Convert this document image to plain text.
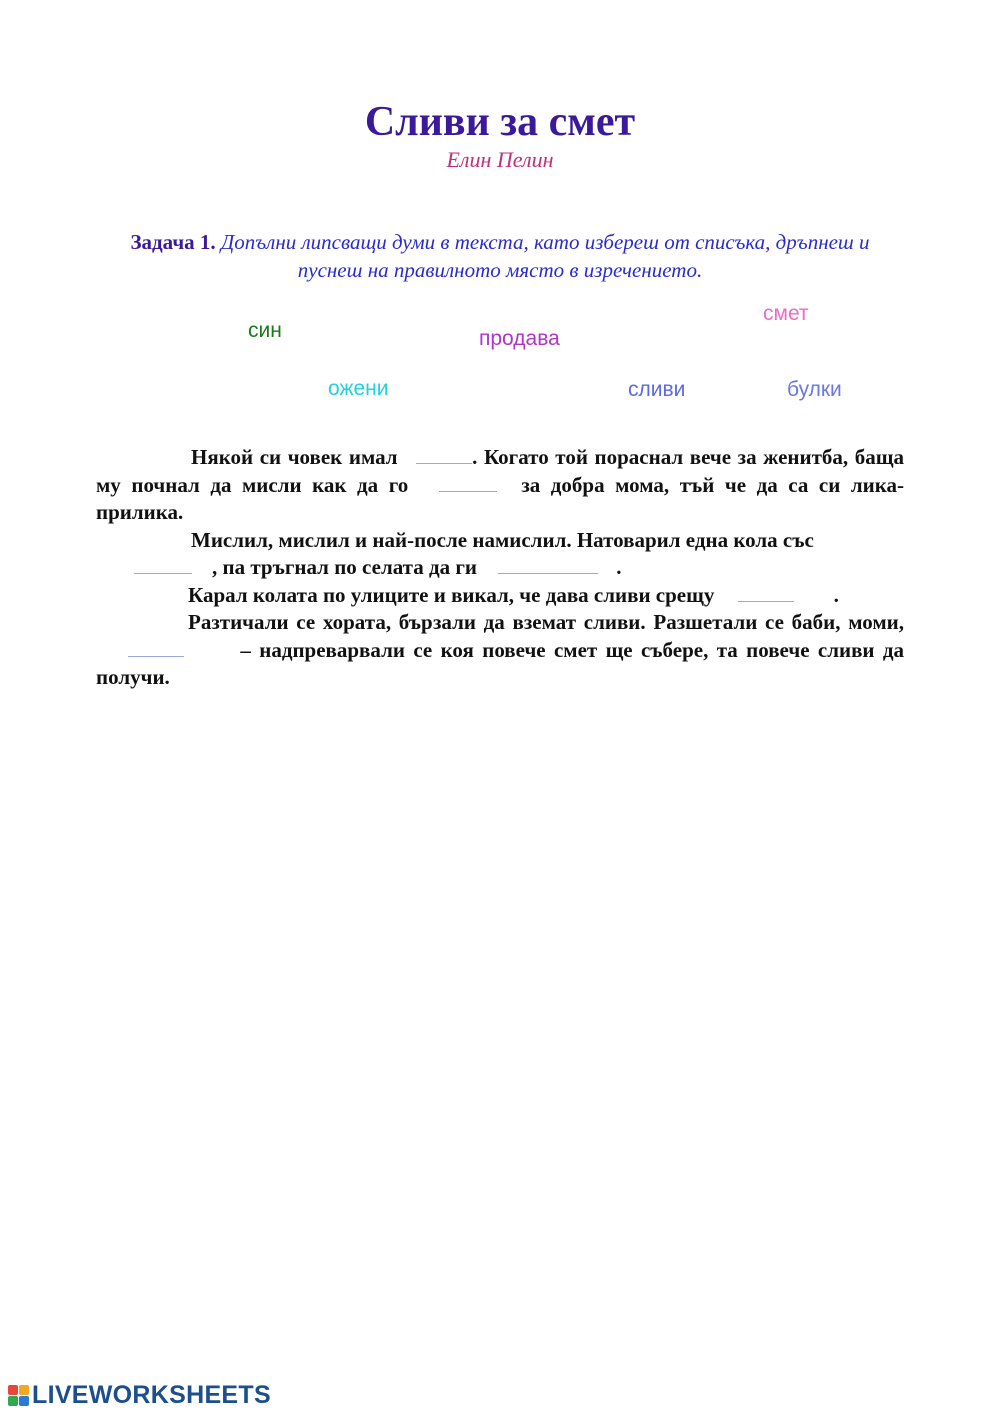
Сливи за смет
Елин Пелин
Задача 1. Допълни липсващи думи в текста, като избереш от списъка, дръпнеш и пуснеш на правилното място в изречението.
син	продава
смет
ожени	сливи	булки

Някой си човек имал	. Когато той пораснал вече за женитба, баща му почнал да мисли как да го	за добра мома, тъй че да са си лика-прилика.

Мислил, мислил и най-после намислил. Натоварил една кола със
, па тръгнал по селата да ги	.

Карал колата по улиците и викал, че дава сливи срещу	.

Разтичали се хората, бързали да вземат сливи. Разшетали се баби, моми,  – надпреварвали се коя повече смет ще събере, та повече сливи да получи.

LIVEWORKSHEETS
